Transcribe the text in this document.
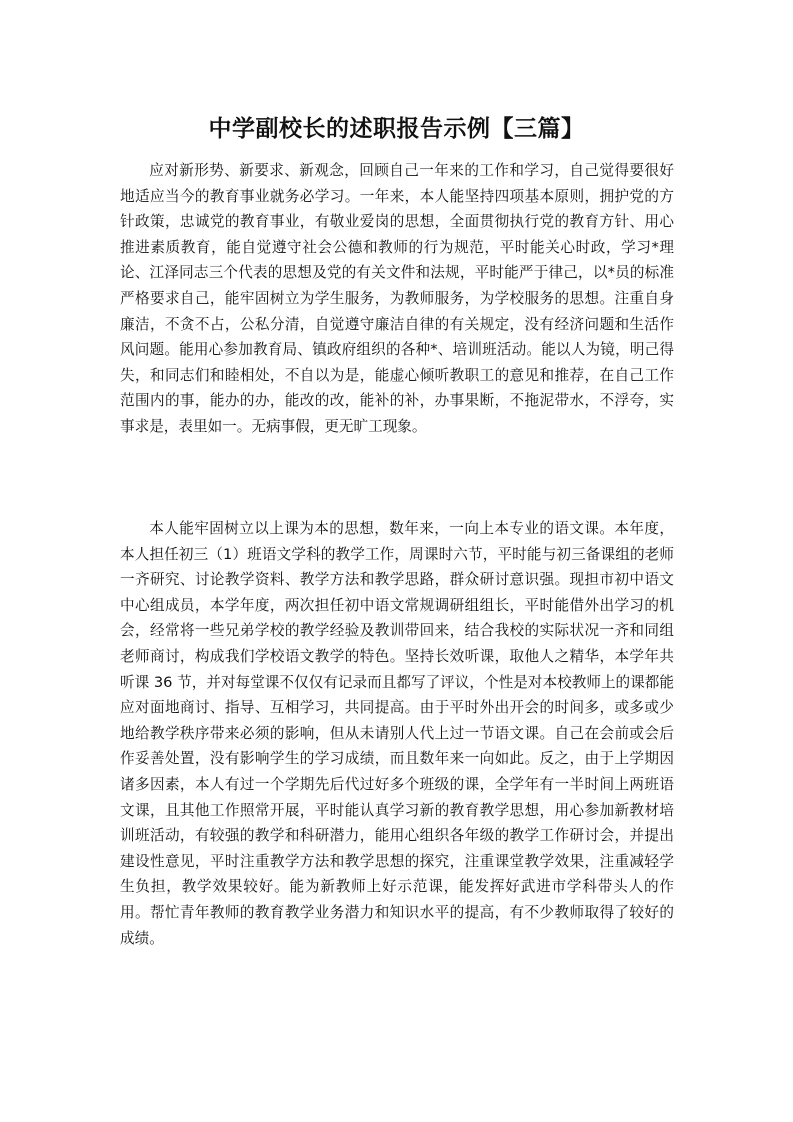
中学副校长的述职报告示例【三篇】

应对新形势、新要求、新观念，回顾自己一年来的工作和学习，自己觉得要很好地适应当今的教育事业就务必学习。一年来，本人能坚持四项基本原则，拥护党的方针政策，忠诚党的教育事业，有敬业爱岗的思想，全面贯彻执行党的教育方针、用心推进素质教育，能自觉遵守社会公德和教师的行为规范，平时能关心时政，学习*理论、江泽同志三个代表的思想及党的有关文件和法规，平时能严于律己，以*员的标准严格要求自己，能牢固树立为学生服务，为教师服务，为学校服务的思想。注重自身廉洁，不贪不占，公私分清，自觉遵守廉洁自律的有关规定，没有经济问题和生活作风问题。能用心参加教育局、镇政府组织的各种*、培训班活动。能以人为镜，明己得失，和同志们和睦相处，不自以为是，能虚心倾听教职工的意见和推荐，在自己工作范围内的事，能办的办，能改的改，能补的补，办事果断，不拖泥带水，不浮夸，实事求是，表里如一。无病事假，更无旷工现象。

本人能牢固树立以上课为本的思想，数年来，一向上本专业的语文课。本年度，本人担任初三（1）班语文学科的教学工作，周课时六节，平时能与初三备课组的老师一齐研究、讨论教学资料、教学方法和教学思路，群众研讨意识强。现担市初中语文中心组成员，本学年度，两次担任初中语文常规调研组组长，平时能借外出学习的机会，经常将一些兄弟学校的教学经验及教训带回来，结合我校的实际状况一齐和同组老师商讨，构成我们学校语文教学的特色。坚持长效听课，取他人之精华，本学年共听课 36 节，并对每堂课不仅仅有记录而且都写了评议，个性是对本校教师上的课都能应对面地商讨、指导、互相学习，共同提高。由于平时外出开会的时间多，或多或少地给教学秩序带来必须的影响，但从未请别人代上过一节语文课。自己在会前或会后作妥善处置，没有影响学生的学习成绩，而且数年来一向如此。反之，由于上学期因诸多因素，本人有过一个学期先后代过好多个班级的课，全学年有一半时间上两班语文课，且其他工作照常开展，平时能认真学习新的教育教学思想，用心参加新教材培训班活动，有较强的教学和科研潜力，能用心组织各年级的教学工作研讨会，并提出建设性意见，平时注重教学方法和教学思想的探究，注重课堂教学效果，注重减轻学生负担，教学效果较好。能为新教师上好示范课，能发挥好武进市学科带头人的作用。帮忙青年教师的教育教学业务潜力和知识水平的提高，有不少教师取得了较好的成绩。
